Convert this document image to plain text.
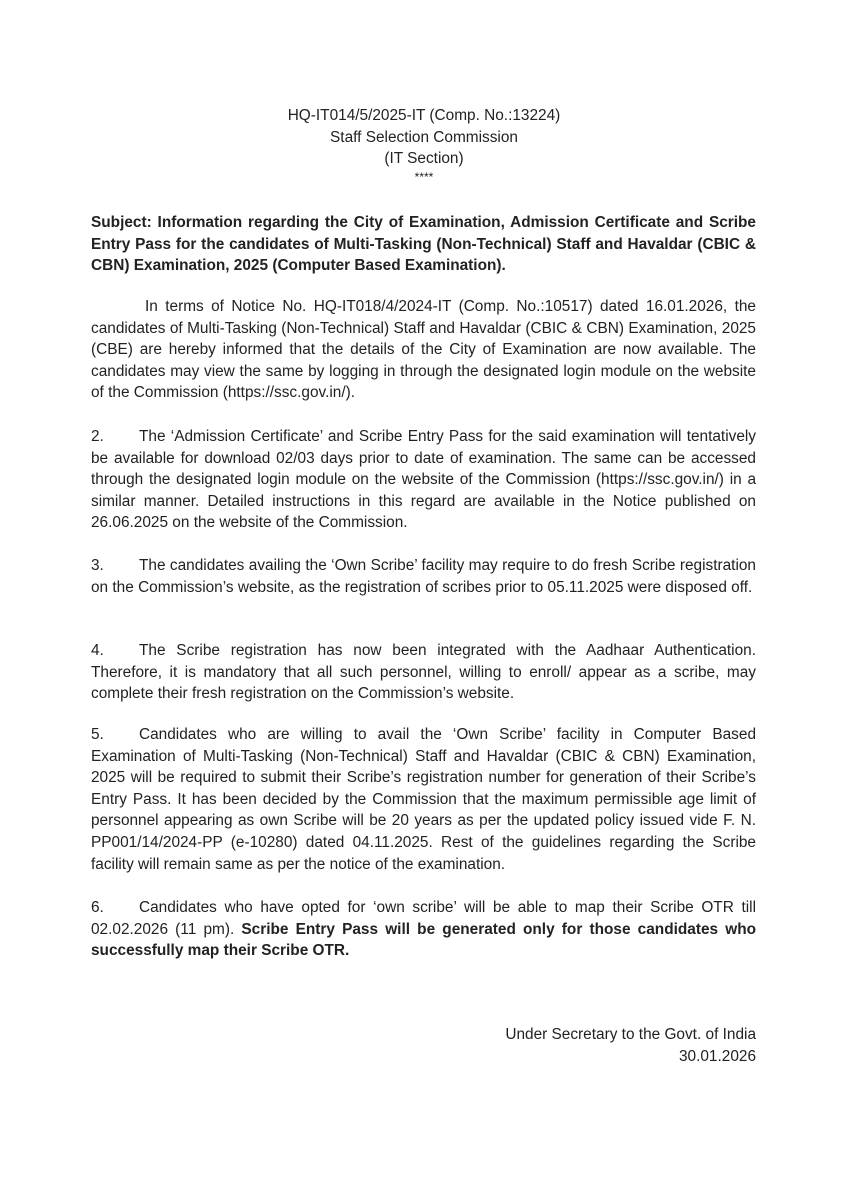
HQ-IT014/5/2025-IT (Comp. No.:13224)
Staff Selection Commission
(IT Section)
****
Subject: Information regarding the City of Examination, Admission Certificate and Scribe Entry Pass for the candidates of Multi-Tasking (Non-Technical) Staff and Havaldar (CBIC & CBN) Examination, 2025 (Computer Based Examination).
In terms of Notice No. HQ-IT018/4/2024-IT (Comp. No.:10517) dated 16.01.2026, the candidates of Multi-Tasking (Non-Technical) Staff and Havaldar (CBIC & CBN) Examination, 2025 (CBE) are hereby informed that the details of the City of Examination are now available. The candidates may view the same by logging in through the designated login module on the website of the Commission (https://ssc.gov.in/).
2. The ‘Admission Certificate’ and Scribe Entry Pass for the said examination will tentatively be available for download 02/03 days prior to date of examination. The same can be accessed through the designated login module on the website of the Commission (https://ssc.gov.in/) in a similar manner. Detailed instructions in this regard are available in the Notice published on 26.06.2025 on the website of the Commission.
3. The candidates availing the ‘Own Scribe’ facility may require to do fresh Scribe registration on the Commission’s website, as the registration of scribes prior to 05.11.2025 were disposed off.
4. The Scribe registration has now been integrated with the Aadhaar Authentication. Therefore, it is mandatory that all such personnel, willing to enroll/ appear as a scribe, may complete their fresh registration on the Commission’s website.
5. Candidates who are willing to avail the ‘Own Scribe’ facility in Computer Based Examination of Multi-Tasking (Non-Technical) Staff and Havaldar (CBIC & CBN) Examination, 2025 will be required to submit their Scribe’s registration number for generation of their Scribe’s Entry Pass. It has been decided by the Commission that the maximum permissible age limit of personnel appearing as own Scribe will be 20 years as per the updated policy issued vide F. N. PP001/14/2024-PP (e-10280) dated 04.11.2025. Rest of the guidelines regarding the Scribe facility will remain same as per the notice of the examination.
6. Candidates who have opted for ‘own scribe’ will be able to map their Scribe OTR till 02.02.2026 (11 pm). Scribe Entry Pass will be generated only for those candidates who successfully map their Scribe OTR.
Under Secretary to the Govt. of India
30.01.2026
